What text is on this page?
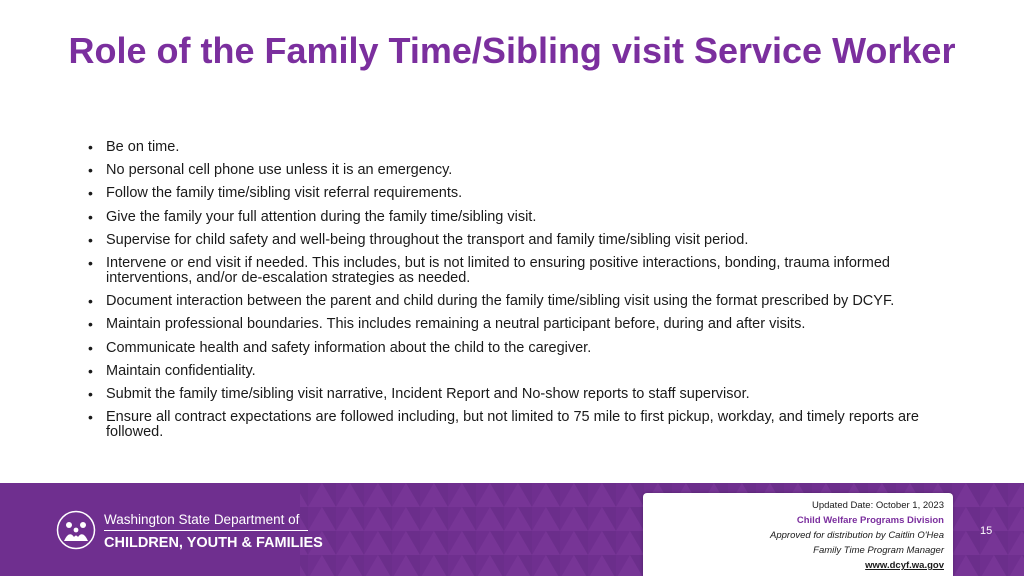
Role of the Family Time/Sibling visit Service Worker
• Be on time.
• No personal cell phone use unless it is an emergency.
• Follow the family time/sibling visit referral requirements.
• Give the family your full attention during the family time/sibling visit.
• Supervise for child safety and well-being throughout the transport and family time/sibling visit period.
• Intervene or end visit if needed. This includes, but is not limited to ensuring positive interactions, bonding, trauma informed interventions, and/or de-escalation strategies as needed.
• Document interaction between the parent and child during the family time/sibling visit using the format prescribed by DCYF.
• Maintain professional boundaries. This includes remaining a neutral participant before, during and after visits.
• Communicate health and safety information about the child to the caregiver.
• Maintain confidentiality.
• Submit the family time/sibling visit narrative, Incident Report and No-show reports to staff supervisor.
• Ensure all contract expectations are followed including, but not limited to 75 mile to first pickup, workday, and timely reports are followed.
Washington State Department of
CHILDREN, YOUTH & FAMILIES
Updated Date: October 1, 2023
Child Welfare Programs Division
Approved for distribution by Caitlin O'Hea
Family Time Program Manager
www.dcyf.wa.gov
15
